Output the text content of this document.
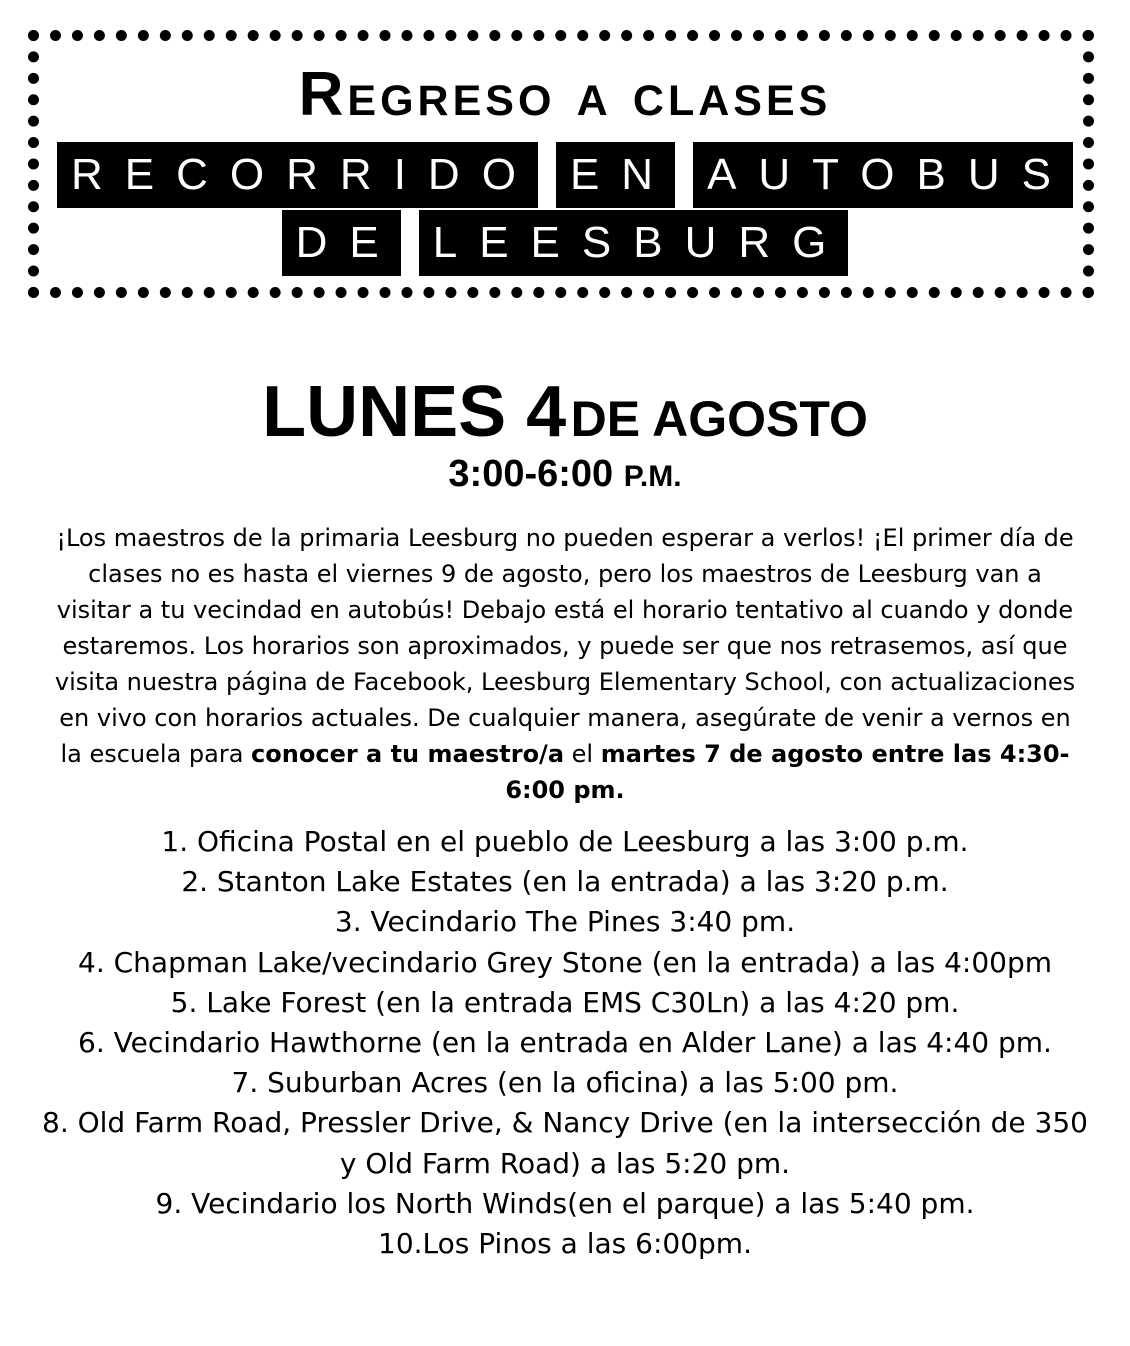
Regreso a clases
RECORRIDO EN AUTOBUS
DE LEESBURG
LUNES 4 DE AGOSTO
3:00-6:00 P.M.

¡Los maestros de la primaria Leesburg no pueden esperar a verlos! ¡El primer día de clases no es hasta el viernes 9 de agosto, pero los maestros de Leesburg van a visitar a tu vecindad en autobús! Debajo está el horario tentativo al cuando y donde estaremos. Los horarios son aproximados, y puede ser que nos retrasemos, así que visita nuestra página de Facebook, Leesburg Elementary School, con actualizaciones en vivo con horarios actuales. De cualquier manera, asegúrate de venir a vernos en la escuela para conocer a tu maestro/a el martes 7 de agosto entre las 4:30-6:00 pm.

1. Oficina Postal en el pueblo de Leesburg a las 3:00 p.m.
2. Stanton Lake Estates (en la entrada) a las 3:20 p.m.
3. Vecindario The Pines 3:40 pm.
4. Chapman Lake/vecindario Grey Stone (en la entrada) a las 4:00pm
5. Lake Forest (en la entrada EMS C30Ln) a las 4:20 pm.
6. Vecindario Hawthorne (en la entrada en Alder Lane) a las 4:40 pm.
7. Suburban Acres (en la oficina) a las 5:00 pm.
8. Old Farm Road, Pressler Drive, & Nancy Drive (en la intersección de 350 y Old Farm Road) a las 5:20 pm.
9. Vecindario los North Winds(en el parque) a las 5:40 pm.
10.Los Pinos a las 6:00pm.
